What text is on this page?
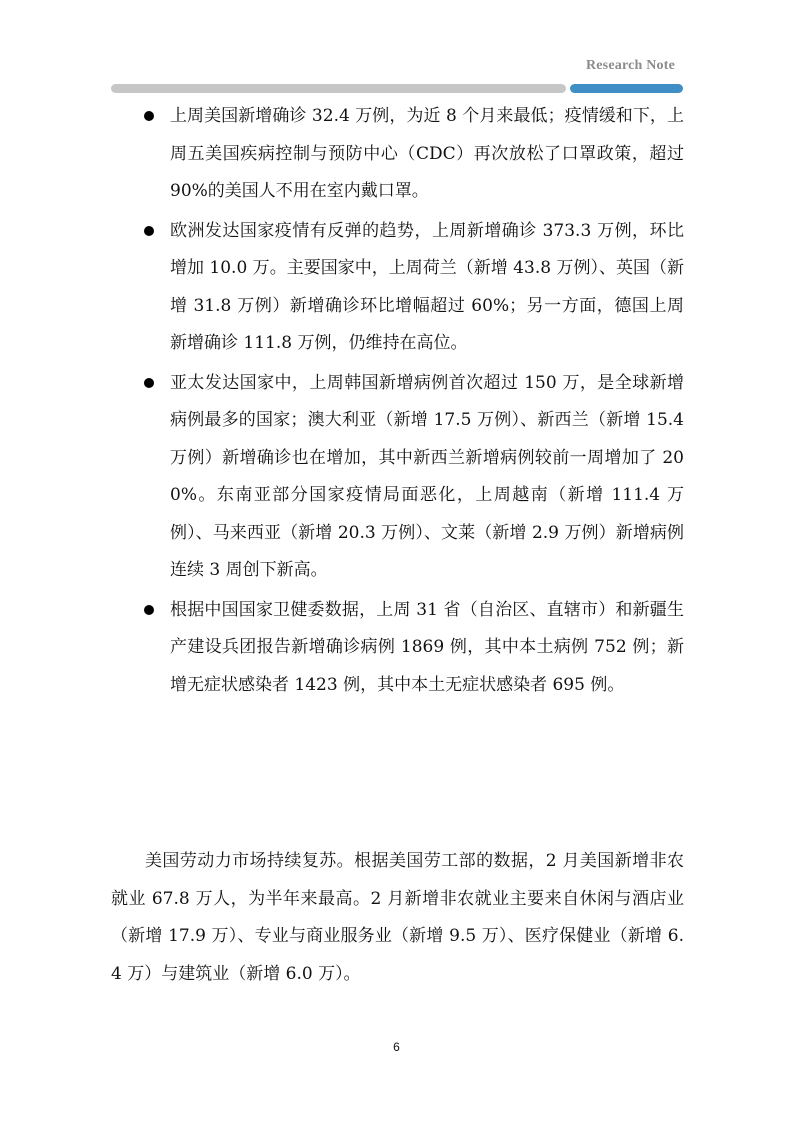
Research Note

上周美国新增确诊 32.4 万例，为近 8 个月来最低；疫情缓和下，上周五美国疾病控制与预防中心（CDC）再次放松了口罩政策，超过 90%的美国人不用在室内戴口罩。

欧洲发达国家疫情有反弹的趋势，上周新增确诊 373.3 万例，环比增加 10.0 万。主要国家中，上周荷兰（新增 43.8 万例）、英国（新增 31.8 万例）新增确诊环比增幅超过 60%；另一方面，德国上周新增确诊 111.8 万例，仍维持在高位。

亚太发达国家中，上周韩国新增病例首次超过 150 万，是全球新增病例最多的国家；澳大利亚（新增 17.5 万例）、新西兰（新增 15.4 万例）新增确诊也在增加，其中新西兰新增病例较前一周增加了 200%。东南亚部分国家疫情局面恶化，上周越南（新增 111.4 万例）、马来西亚（新增 20.3 万例）、文莱（新增 2.9 万例）新增病例连续 3 周创下新高。

根据中国国家卫健委数据，上周 31 省（自治区、直辖市）和新疆生产建设兵团报告新增确诊病例 1869 例，其中本土病例 752 例；新增无症状感染者 1423 例，其中本土无症状感染者 695 例。

美国劳动力市场持续复苏。根据美国劳工部的数据，2 月美国新增非农就业 67.8 万人，为半年来最高。2 月新增非农就业主要来自休闲与酒店业（新增 17.9 万）、专业与商业服务业（新增 9.5 万）、医疗保健业（新增 6.4 万）与建筑业（新增 6.0 万）。

6
